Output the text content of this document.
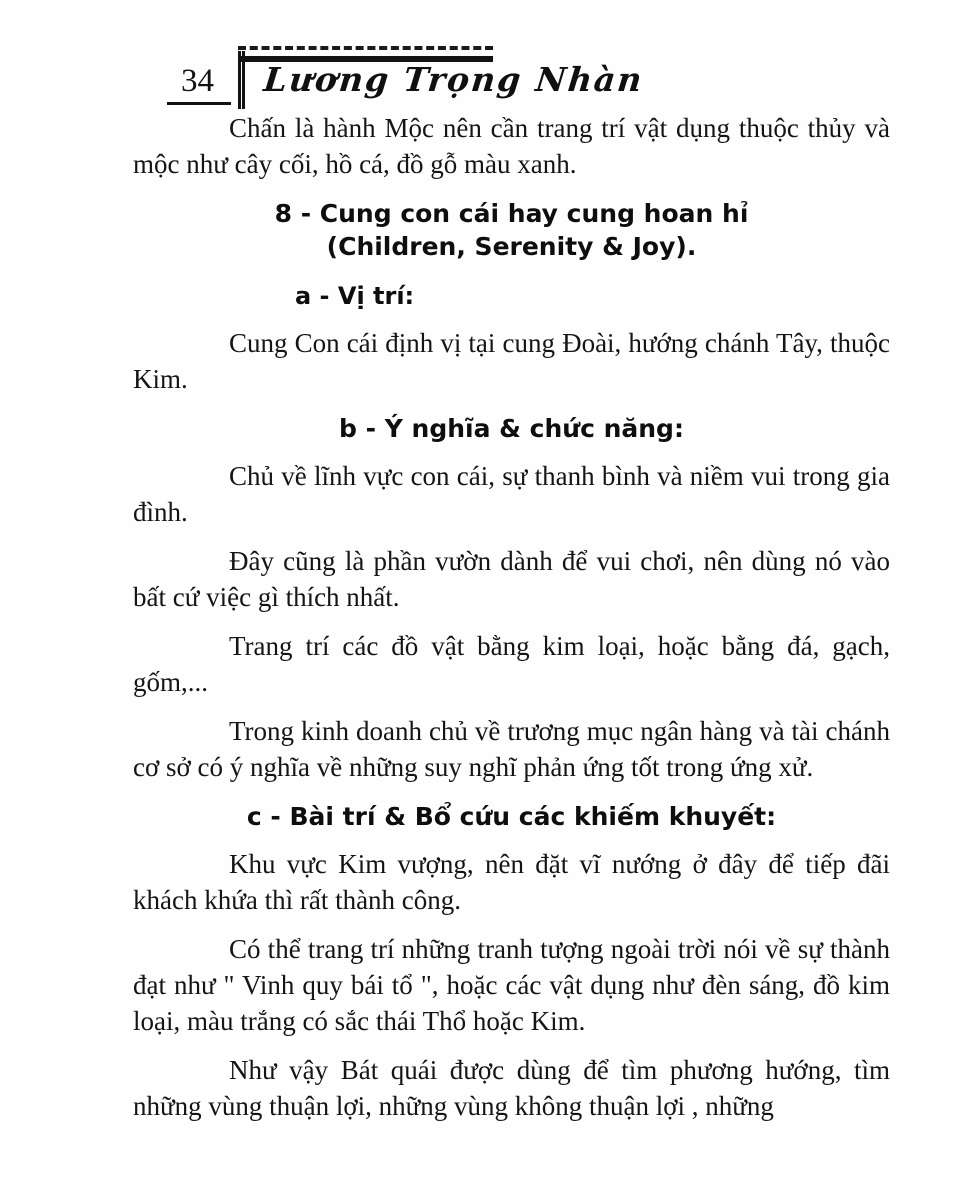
34 Lương Trọng Nhàn
Chấn là hành Mộc nên cần trang trí vật dụng thuộc thủy và mộc như cây cối, hồ cá, đồ gỗ màu xanh.
8 - Cung con cái hay cung hoan hỉ
(Children, Serenity & Joy).
a - Vị trí:
Cung Con cái định vị tại cung Đoài, hướng chánh Tây, thuộc Kim.
b - Ý nghĩa & chức năng:
Chủ về lĩnh vực con cái, sự thanh bình và niềm vui trong gia đình.
Đây cũng là phần vườn dành để vui chơi, nên dùng nó vào bất cứ việc gì thích nhất.
Trang trí các đồ vật bằng kim loại, hoặc bằng đá, gạch, gốm,...
Trong kinh doanh chủ về trương mục ngân hàng và tài chánh cơ sở có ý nghĩa về những suy nghĩ phản ứng tốt trong ứng xử.
c - Bài trí & Bổ cứu các khiếm khuyết:
Khu vực Kim vượng, nên đặt vĩ nướng ở đây để tiếp đãi khách khứa thì rất thành công.
Có thể trang trí những tranh tượng ngoài trời nói về sự thành đạt như " Vinh quy bái tổ ", hoặc các vật dụng như đèn sáng, đồ kim loại, màu trắng có sắc thái Thổ hoặc Kim.
Như vậy Bát quái được dùng để tìm phương hướng, tìm những vùng thuận lợi, những vùng không thuận lợi , những
